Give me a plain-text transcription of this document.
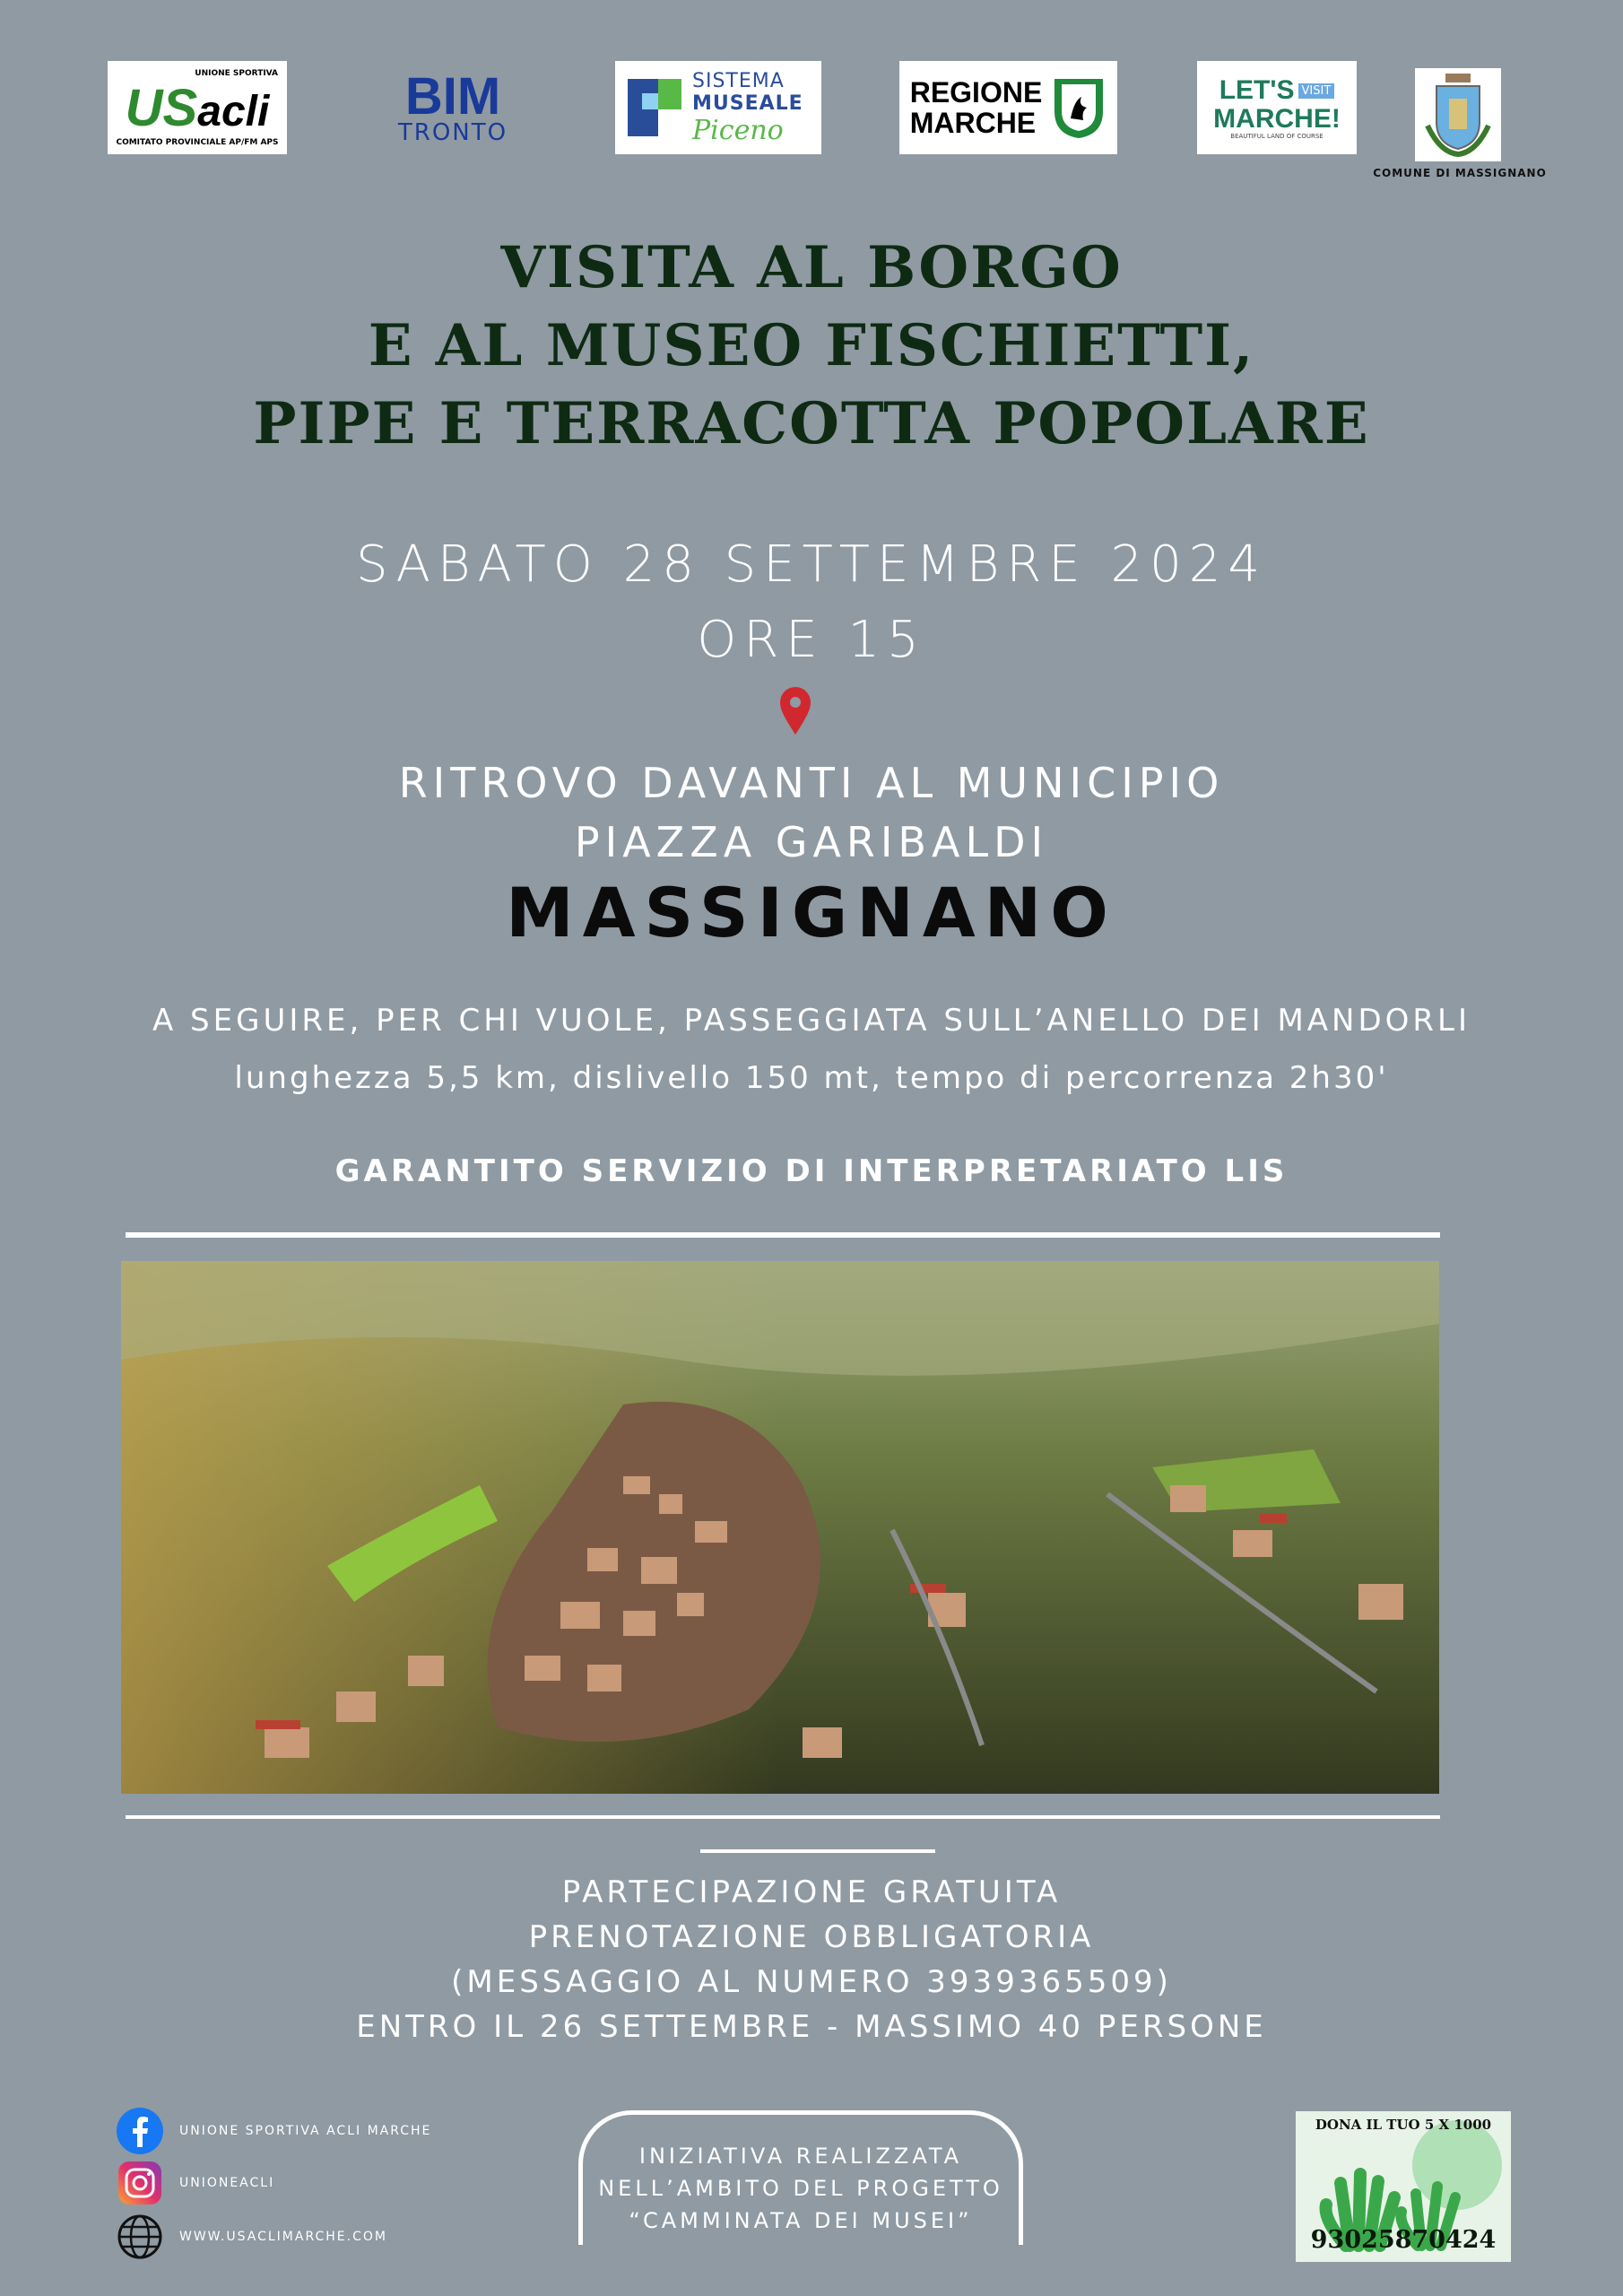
UNIONE SPORTIVA
US acli
COMITATO PROVINCIALE AP/FM APS
BIM
TRONTO
SISTEMA
MUSEALE
Piceno
REGIONE
MARCHE
LET'S VISIT
MARCHE!
BEAUTIFUL LAND OF COURSE
COMUNE DI MASSIGNANO
VISITA AL BORGO
E AL MUSEO FISCHIETTI,
PIPE E TERRACOTTA POPOLARE
SABATO 28 SETTEMBRE 2024
ORE 15
RITROVO DAVANTI AL MUNICIPIO
PIAZZA GARIBALDI
MASSIGNANO
A SEGUIRE, PER CHI VUOLE, PASSEGGIATA SULL’ANELLO DEI MANDORLI
lunghezza 5,5 km, dislivello 150 mt, tempo di percorrenza 2h30'
GARANTITO SERVIZIO DI INTERPRETARIATO LIS
PARTECIPAZIONE GRATUITA
PRENOTAZIONE OBBLIGATORIA
(MESSAGGIO AL NUMERO 3939365509)
ENTRO IL 26 SETTEMBRE - MASSIMO 40 PERSONE
UNIONE SPORTIVA ACLI MARCHE
UNIONEACLI
WWW.USACLIMARCHE.COM
INIZIATIVA REALIZZATA
NELL’AMBITO DEL PROGETTO
“CAMMINATA DEI MUSEI”
DONA IL TUO 5 X 1000
93025870424
